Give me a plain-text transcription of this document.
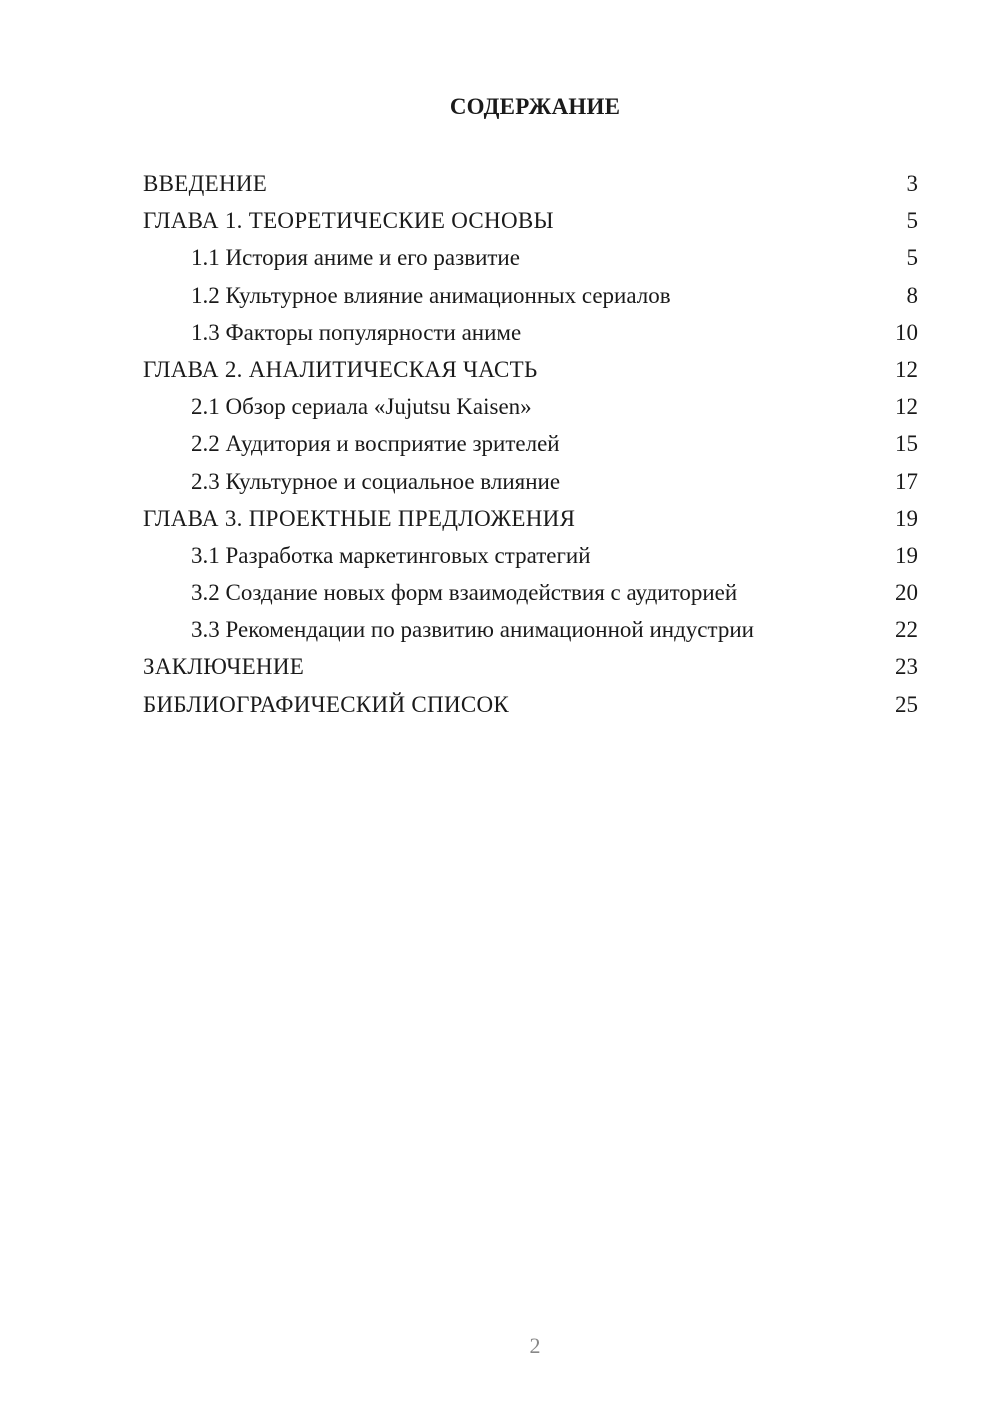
СОДЕРЖАНИЕ
ВВЕДЕНИЕ	3
ГЛАВА 1. ТЕОРЕТИЧЕСКИЕ ОСНОВЫ	5
1.1 История аниме и его развитие	5
1.2 Культурное влияние анимационных сериалов	8
1.3 Факторы популярности аниме	10
ГЛАВА 2. АНАЛИТИЧЕСКАЯ ЧАСТЬ	12
2.1 Обзор сериала «Jujutsu Kaisen»	12
2.2 Аудитория и восприятие зрителей	15
2.3 Культурное и социальное влияние	17
ГЛАВА 3. ПРОЕКТНЫЕ ПРЕДЛОЖЕНИЯ	19
3.1 Разработка маркетинговых стратегий	19
3.2 Создание новых форм взаимодействия с аудиторией	20
3.3 Рекомендации по развитию анимационной индустрии	22
ЗАКЛЮЧЕНИЕ	23
БИБЛИОГРАФИЧЕСКИЙ СПИСОК	25
2
